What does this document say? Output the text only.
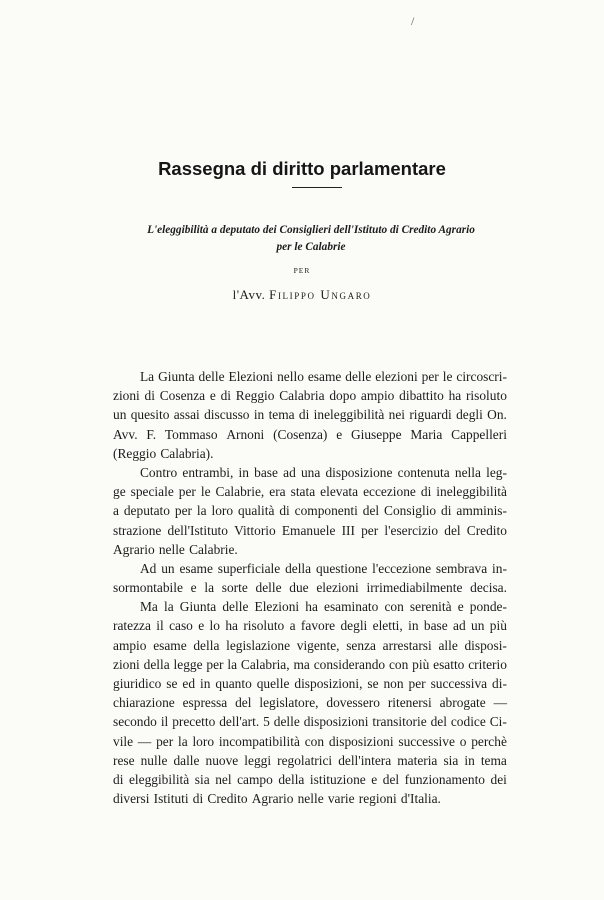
/
Rassegna di diritto parlamentare
L'eleggibilità a deputato dei Consiglieri dell'Istituto di Credito Agrario
per le Calabrie
PER
l'Avv. Filippo Ungaro
La Giunta delle Elezioni nello esame delle elezioni per le circoscri-
zioni di Cosenza e di Reggio Calabria dopo ampio dibattito ha risoluto
un quesito assai discusso in tema di ineleggibilità nei riguardi degli On.
Avv. F. Tommaso Arnoni (Cosenza) e Giuseppe Maria Cappelleri
(Reggio Calabria).
Contro entrambi, in base ad una disposizione contenuta nella leg-
ge speciale per le Calabrie, era stata elevata eccezione di ineleggibilità
a deputato per la loro qualità di componenti del Consiglio di amminis-
strazione dell'Istituto Vittorio Emanuele III per l'esercizio del Credito
Agrario nelle Calabrie.
Ad un esame superficiale della questione l'eccezione sembrava in-
sormontabile e la sorte delle due elezioni irrimediabilmente decisa.
Ma la Giunta delle Elezioni ha esaminato con serenità e ponde-
ratezza il caso e lo ha risoluto a favore degli eletti, in base ad un più
ampio esame della legislazione vigente, senza arrestarsi alle disposi-
zioni della legge per la Calabria, ma considerando con più esatto criterio
giuridico se ed in quanto quelle disposizioni, se non per successiva di-
chiarazione espressa del legislatore, dovessero ritenersi abrogate —
secondo il precetto dell'art. 5 delle disposizioni transitorie del codice Ci-
vile — per la loro incompatibilità con disposizioni successive o perchè
rese nulle dalle nuove leggi regolatrici dell'intera materia sia in tema
di eleggibilità sia nel campo della istituzione e del funzionamento dei
diversi Istituti di Credito Agrario nelle varie regioni d'Italia.
